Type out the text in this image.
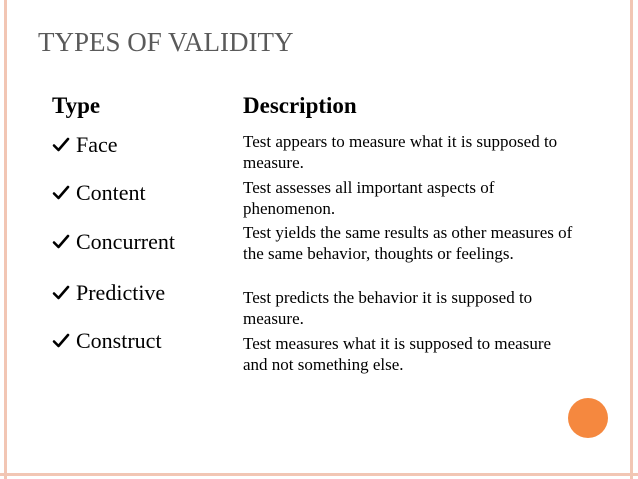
TYPES OF VALIDITY
Type	Description
Face	Test appears to measure what it is supposed to measure.
Content	Test assesses all important aspects of phenomenon.
Concurrent	Test yields the same results as other measures of the same behavior, thoughts or feelings.
Predictive	Test predicts the behavior it is supposed to measure.
Construct	Test measures what it is supposed to measure and not something else.
